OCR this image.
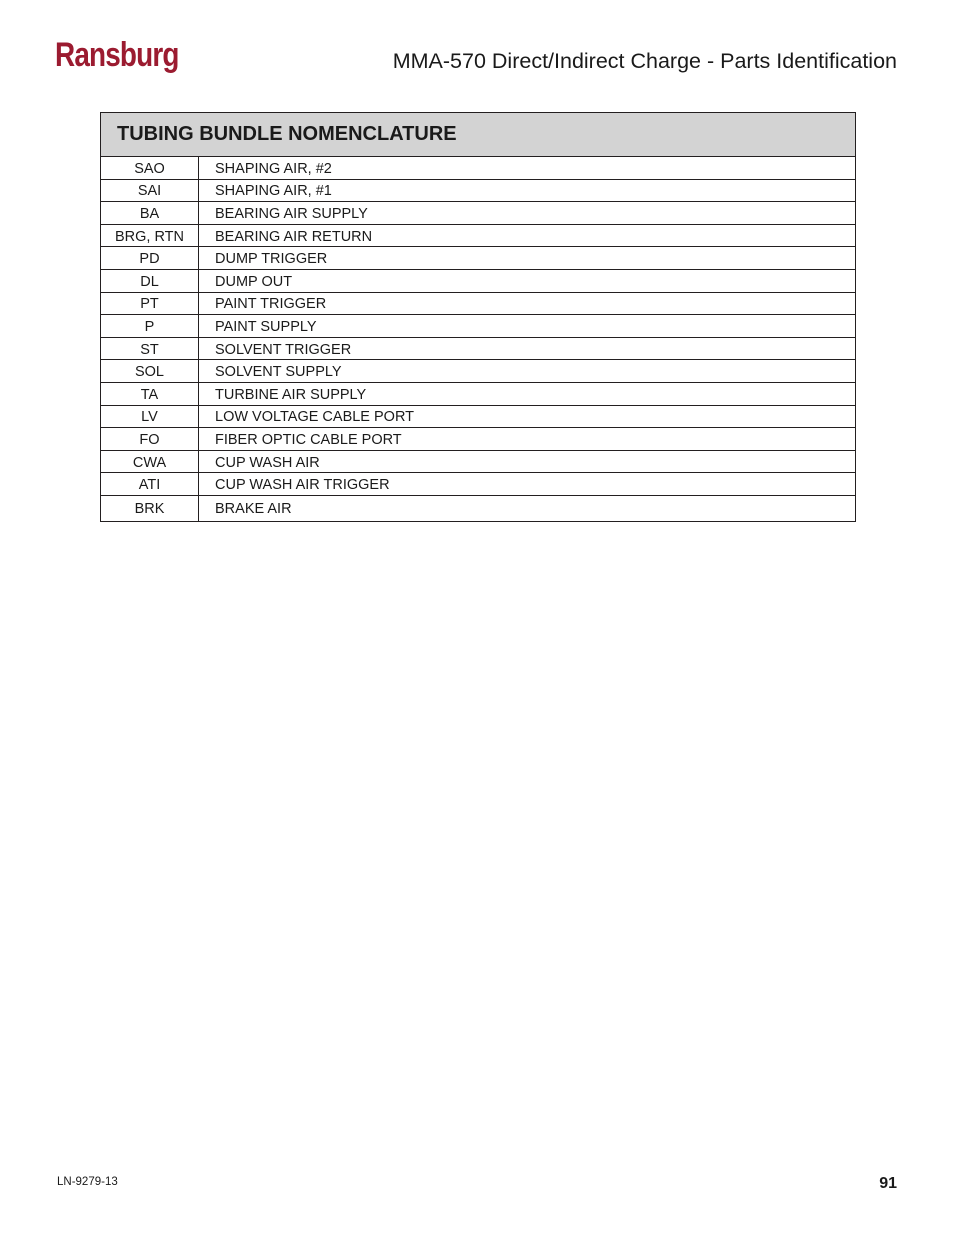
Ransburg	MMA-570 Direct/Indirect Charge - Parts Identification
TUBING BUNDLE NOMENCLATURE
SAO	SHAPING AIR, #2
SAI	SHAPING AIR, #1
BA	BEARING AIR SUPPLY
BRG, RTN	BEARING AIR RETURN
PD	DUMP TRIGGER
DL	DUMP OUT
PT	PAINT TRIGGER
P	PAINT SUPPLY
ST	SOLVENT TRIGGER
SOL	SOLVENT SUPPLY
TA	TURBINE AIR SUPPLY
LV	LOW VOLTAGE CABLE PORT
FO	FIBER OPTIC CABLE PORT
CWA	CUP WASH AIR
ATI	CUP WASH AIR TRIGGER
BRK	BRAKE AIR
LN-9279-13	91
